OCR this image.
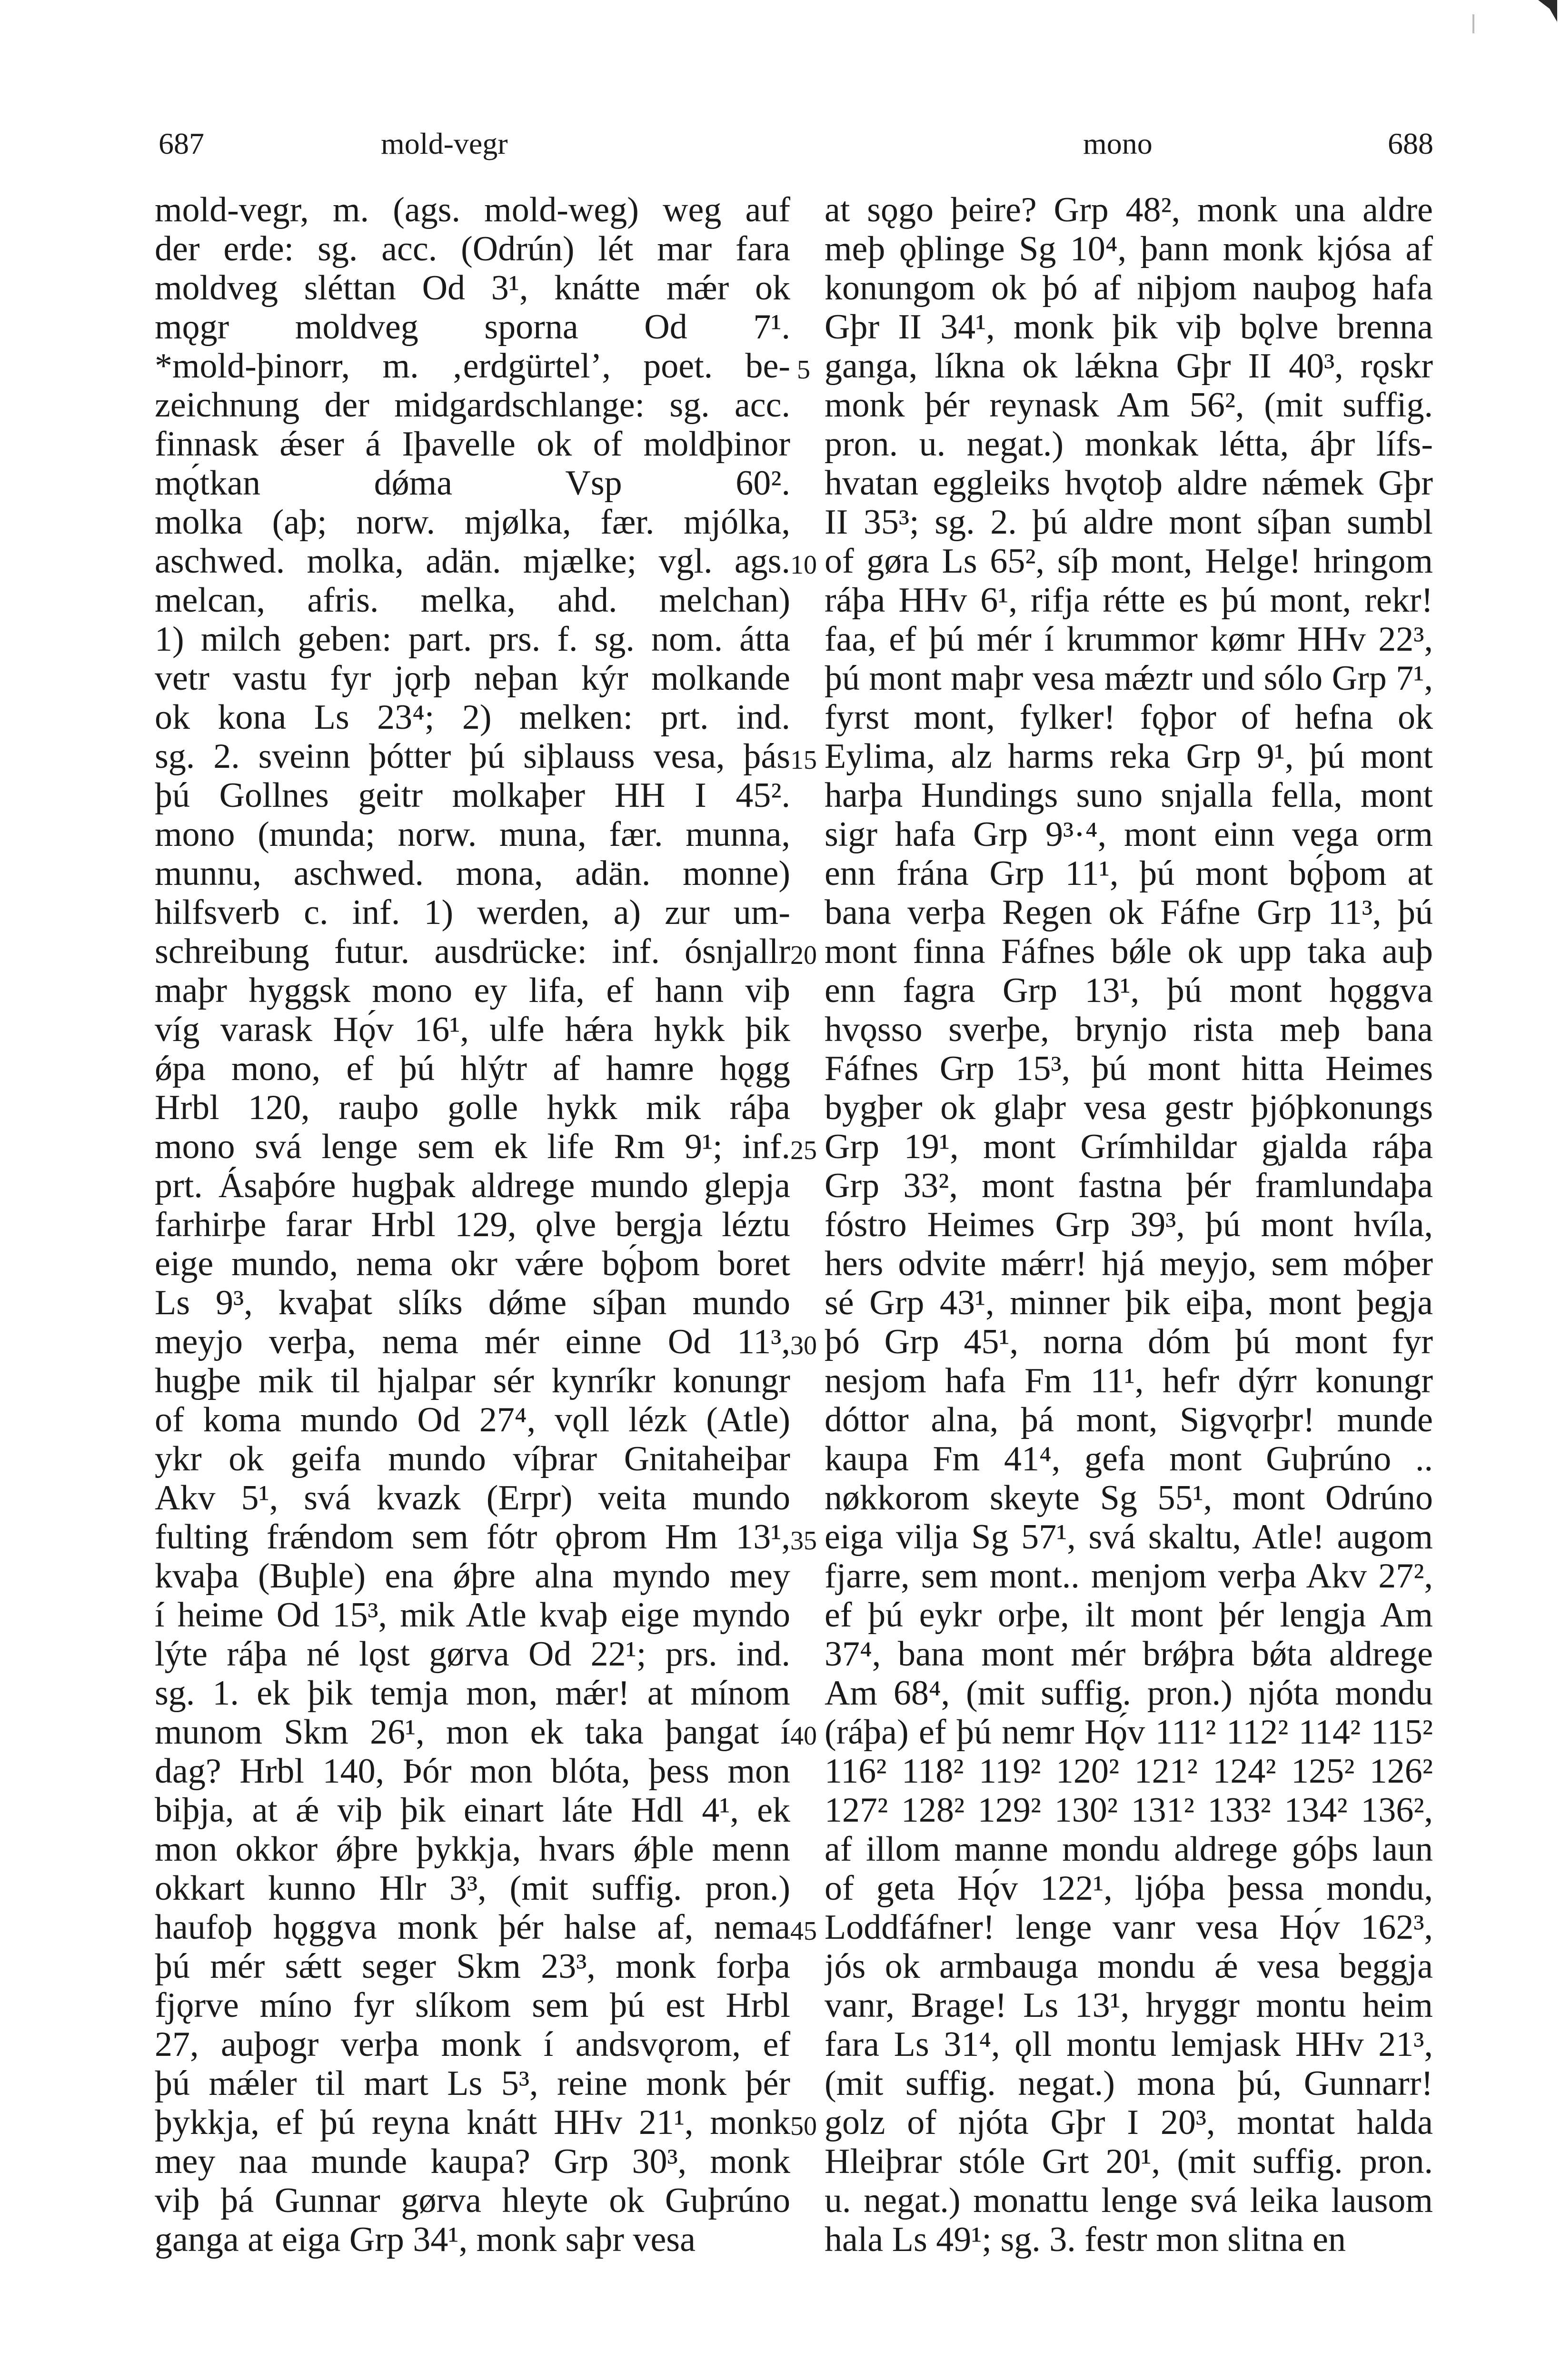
687	mold-vegr	mono	688
mold-vegr, m. (ags. mold-weg) weg auf
der erde: sg. acc. (Odrún) lét mar fara
moldveg sléttan Od 3¹, knátte mǽr ok
mǫgr moldveg sporna Od 7¹.
*mold-þinorr, m. ‚erdgürtel’, poet. be-
zeichnung der midgardschlange: sg. acc.
finnask ǽser á Iþavelle ok of moldþinor
mǫ́tkan dǿma Vsp 60².
molka (aþ; norw. mjølka, fær. mjólka,
aschwed. molka, adän. mjælke; vgl. ags.
melcan, afris. melka, ahd. melchan)
1) milch geben: part. prs. f. sg. nom. átta
vetr vastu fyr jǫrþ neþan kýr molkande
ok kona Ls 23⁴; 2) melken: prt. ind.
sg. 2. sveinn þótter þú siþlauss vesa, þás
þú Gollnes geitr molkaþer HH I 45².
mono (munda; norw. muna, fær. munna,
munnu, aschwed. mona, adän. monne)
hilfsverb c. inf. 1) werden, a) zur um-
schreibung futur. ausdrücke: inf. ósnjallr
maþr hyggsk mono ey lifa, ef hann viþ
víg varask Hǫ́v 16¹, ulfe hǽra hykk þik
ǿpa mono, ef þú hlýtr af hamre hǫgg
Hrbl 120, rauþo golle hykk mik ráþa
mono svá lenge sem ek life Rm 9¹; inf.
prt. Ásaþóre hugþak aldrege mundo glepja
farhirþe farar Hrbl 129, ǫlve bergja léztu
eige mundo, nema okr vǽre bǫ́þom boret
Ls 9³, kvaþat slíks dǿme síþan mundo
meyjo verþa, nema mér einne Od 11³,
hugþe mik til hjalpar sér kynríkr konungr
of koma mundo Od 27⁴, vǫll lézk (Atle)
ykr ok geifa mundo víþrar Gnitaheiþar
Akv 5¹, svá kvazk (Erpr) veita mundo
fulting frǽndom sem fótr ǫþrom Hm 13¹,
kvaþa (Buþle) ena ǿþre alna myndo mey
í heime Od 15³, mik Atle kvaþ eige myndo
lýte ráþa né lǫst gørva Od 22¹; prs. ind.
sg. 1. ek þik temja mon, mǽr! at mínom
munom Skm 26¹, mon ek taka þangat í
dag? Hrbl 140, Þór mon blóta, þess mon
biþja, at ǽ viþ þik einart láte Hdl 4¹, ek
mon okkor ǿþre þykkja, hvars ǿþle menn
okkart kunno Hlr 3³, (mit suffig. pron.)
haufoþ hǫggva monk þér halse af, nema
þú mér sǽtt seger Skm 23³, monk forþa
fjǫrve míno fyr slíkom sem þú est Hrbl
27, auþogr verþa monk í andsvǫrom, ef
þú mǽler til mart Ls 5³, reine monk þér
þykkja, ef þú reyna knátt HHv 21¹, monk
mey naa munde kaupa? Grp 30³, monk
viþ þá Gunnar gørva hleyte ok Guþrúno
ganga at eiga Grp 34¹, monk saþr vesa
5
10
15
20
25
30
35
40
45
50
at sǫgo þeire? Grp 48², monk una aldre
meþ ǫþlinge Sg 10⁴, þann monk kjósa af
konungom ok þó af niþjom nauþog hafa
Gþr II 34¹, monk þik viþ bǫlve brenna
ganga, líkna ok lǽkna Gþr II 40³, rǫskr
monk þér reynask Am 56², (mit suffig.
pron. u. negat.) monkak létta, áþr lífs-
hvatan eggleiks hvǫtoþ aldre nǽmek Gþr
II 35³; sg. 2. þú aldre mont síþan sumbl
of gøra Ls 65², síþ mont, Helge! hringom
ráþa HHv 6¹, rifja rétte es þú mont, rekr!
faa, ef þú mér í krummor kømr HHv 22³,
þú mont maþr vesa mǽztr und sólo Grp 7¹,
fyrst mont, fylker! fǫþor of hefna ok
Eylima, alz harms reka Grp 9¹, þú mont
harþa Hundings suno snjalla fella, mont
sigr hafa Grp 9³·⁴, mont einn vega orm
enn frána Grp 11¹, þú mont bǫ́þom at
bana verþa Regen ok Fáfne Grp 11³, þú
mont finna Fáfnes bǿle ok upp taka auþ
enn fagra Grp 13¹, þú mont hǫggva
hvǫsso sverþe, brynjo rista meþ bana
Fáfnes Grp 15³, þú mont hitta Heimes
bygþer ok glaþr vesa gestr þjóþkonungs
Grp 19¹, mont Grímhildar gjalda ráþa
Grp 33², mont fastna þér framlundaþa
fóstro Heimes Grp 39³, þú mont hvíla,
hers odvite mǽrr! hjá meyjo, sem móþer
sé Grp 43¹, minner þik eiþa, mont þegja
þó Grp 45¹, norna dóm þú mont fyr
nesjom hafa Fm 11¹, hefr dýrr konungr
dóttor alna, þá mont, Sigvǫrþr! munde
kaupa Fm 41⁴, gefa mont Guþrúno ..
nøkkorom skeyte Sg 55¹, mont Odrúno
eiga vilja Sg 57¹, svá skaltu, Atle! augom
fjarre, sem mont.. menjom verþa Akv 27²,
ef þú eykr orþe, ilt mont þér lengja Am
37⁴, bana mont mér brǿþra bǿta aldrege
Am 68⁴, (mit suffig. pron.) njóta mondu
(ráþa) ef þú nemr Hǫ́v 111² 112² 114² 115²
116² 118² 119² 120² 121² 124² 125² 126²
127² 128² 129² 130² 131² 133² 134² 136²,
af illom manne mondu aldrege góþs laun
of geta Hǫ́v 122¹, ljóþa þessa mondu,
Loddfáfner! lenge vanr vesa Hǫ́v 162³,
jós ok armbauga mondu ǽ vesa beggja
vanr, Brage! Ls 13¹, hryggr montu heim
fara Ls 31⁴, ǫll montu lemjask HHv 21³,
(mit suffig. negat.) mona þú, Gunnarr!
golz of njóta Gþr I 20³, montat halda
Hleiþrar stóle Grt 20¹, (mit suffig. pron.
u. negat.) monattu lenge svá leika lausom
hala Ls 49¹; sg. 3. festr mon slitna en
